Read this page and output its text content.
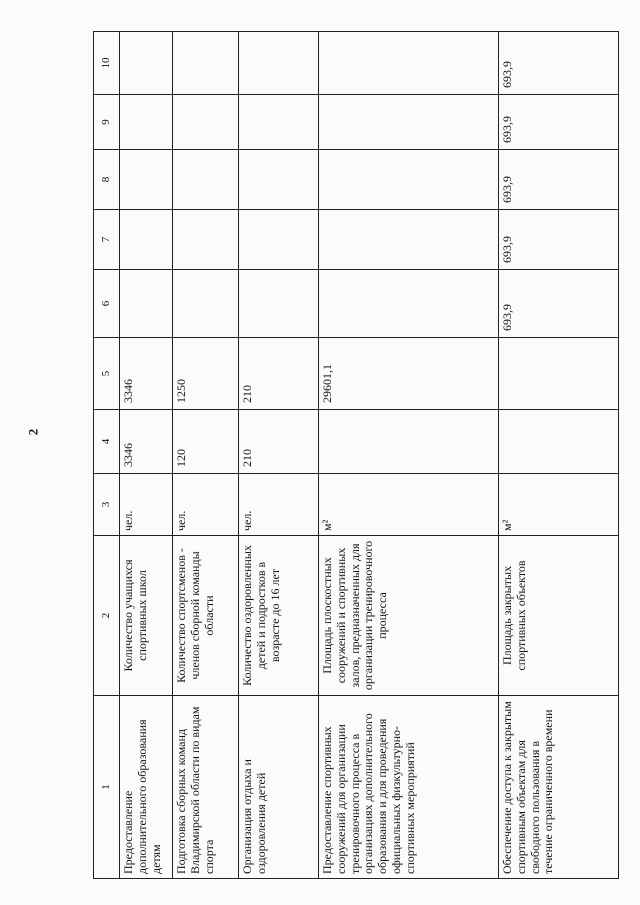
2
1	2	3	4	5	6	7	8	9	10
Предоставление дополнительного образования детям	Количество учащихся спортивных школ	чел.	3346	3346					
Подготовка сборных команд Владимирской области по видам спорта	Количество спортсменов - членов сборной команды области	чел.	120	1250					
Организация отдыха и оздоровления детей	Количество оздоровленных детей и подростков в возрасте до 16 лет	чел.	210	210					
Предоставление спортивных сооружений для организации тренировочного процесса в организациях дополнительного образования и для проведения официальных физкультурно-спортивных мероприятий	Площадь плоскостных сооружений и спортивных залов, предназначенных для организации тренировочного процесса	м²		29601,1					
Обеспечение доступа к закрытым спортивным объектам для свободного пользования в течение ограниченного времени	Площадь закрытых спортивных объектов	м²			693,9	693,9	693,9	693,9	693,9
